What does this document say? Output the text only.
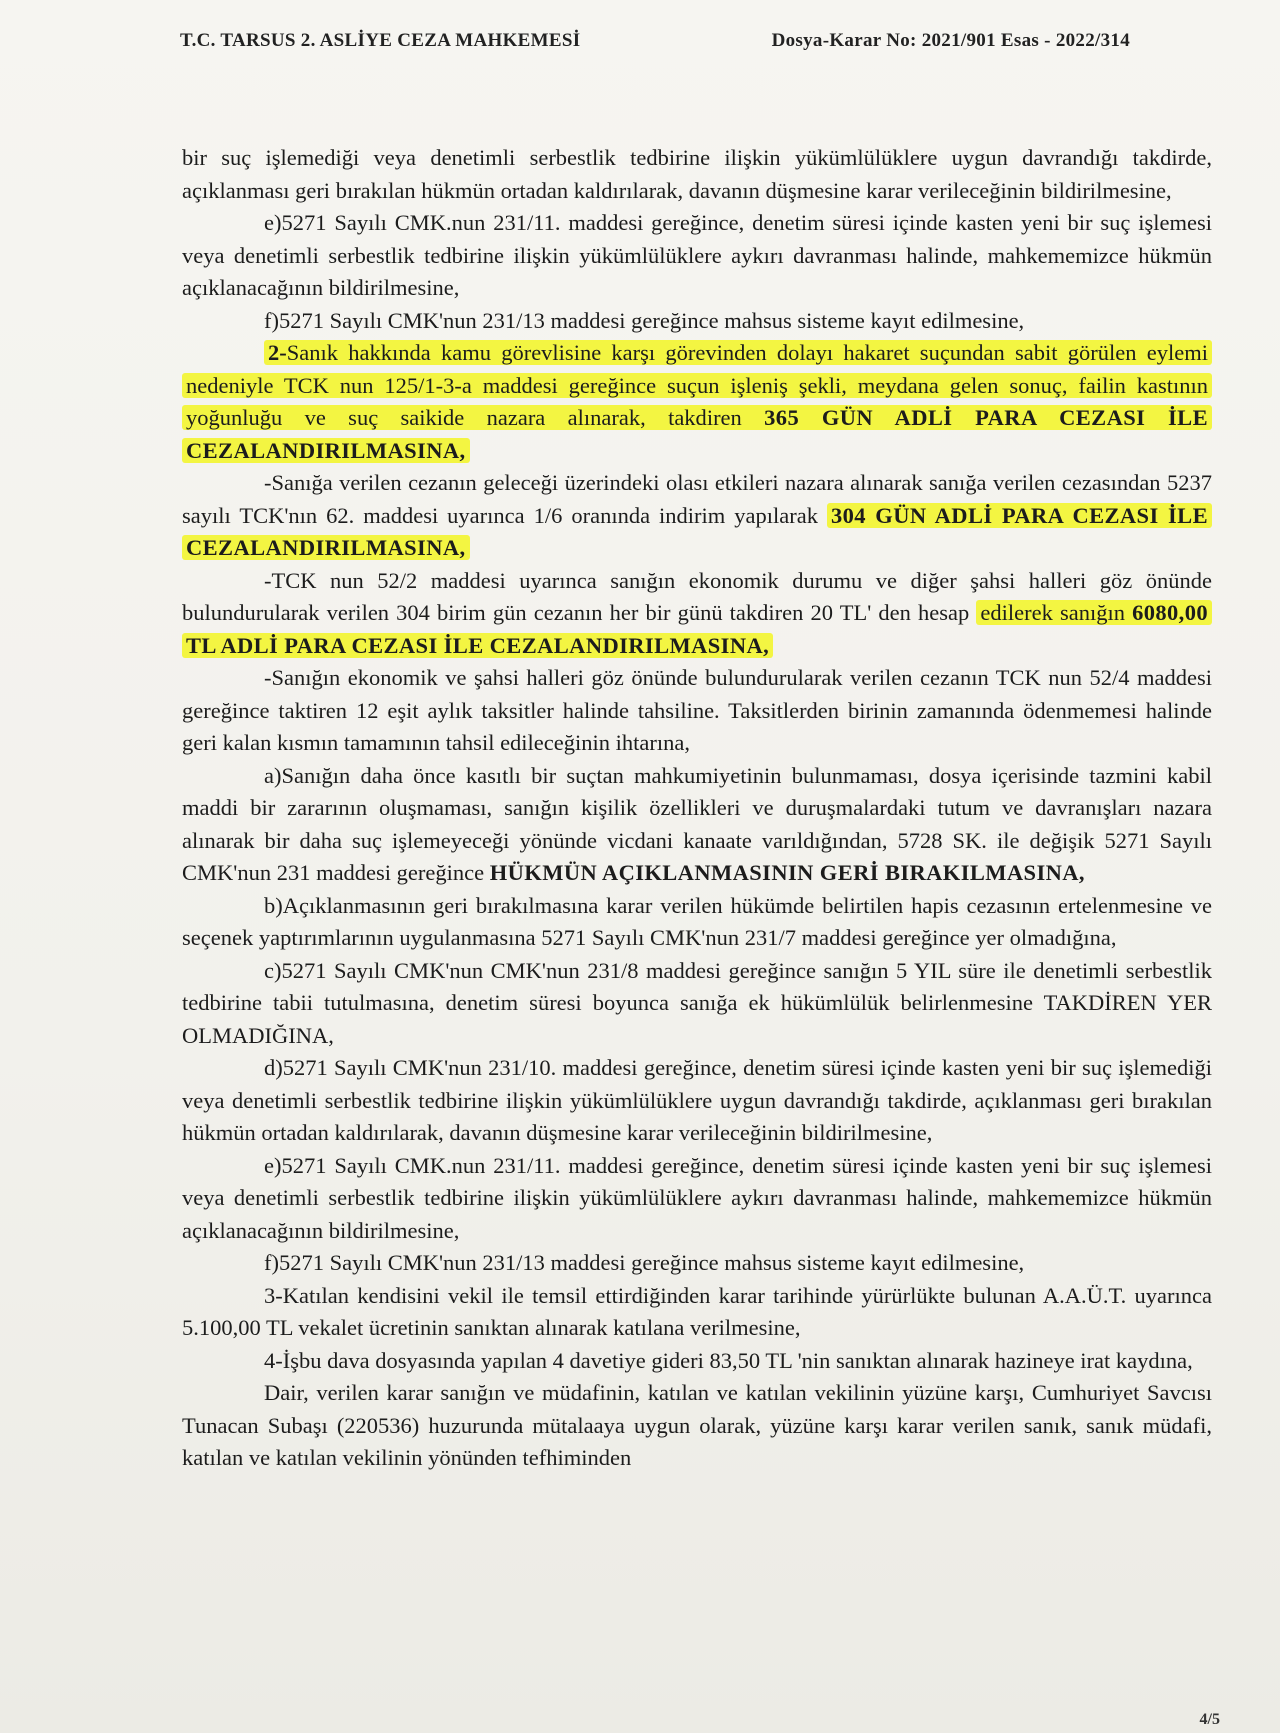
T.C. TARSUS 2. ASLİYE CEZA MAHKEMESİ	Dosya-Karar No: 2021/901 Esas - 2022/314

bir suç işlemediği veya denetimli serbestlik tedbirine ilişkin yükümlülüklere uygun davrandığı takdirde, açıklanması geri bırakılan hükmün ortadan kaldırılarak, davanın düşmesine karar verileceğinin bildirilmesine,

e)5271 Sayılı CMK.nun 231/11. maddesi gereğince, denetim süresi içinde kasten yeni bir suç işlemesi veya denetimli serbestlik tedbirine ilişkin yükümlülüklere aykırı davranması halinde, mahkememizce hükmün açıklanacağının bildirilmesine,

f)5271 Sayılı CMK'nun 231/13 maddesi gereğince mahsus sisteme kayıt edilmesine,

2-Sanık hakkında kamu görevlisine karşı görevinden dolayı hakaret suçundan sabit görülen eylemi nedeniyle TCK nun 125/1-3-a maddesi gereğince suçun işleniş şekli, meydana gelen sonuç, failin kastının yoğunluğu ve suç saikide nazara alınarak, takdiren 365 GÜN ADLİ PARA CEZASI İLE CEZALANDIRILMASINA,

-Sanığa verilen cezanın geleceği üzerindeki olası etkileri nazara alınarak sanığa verilen cezasından 5237 sayılı TCK'nın 62. maddesi uyarınca 1/6 oranında indirim yapılarak 304 GÜN ADLİ PARA CEZASI İLE CEZALANDIRILMASINA,

-TCK nun 52/2 maddesi uyarınca sanığın ekonomik durumu ve diğer şahsi halleri göz önünde bulundurularak verilen 304 birim gün cezanın her bir günü takdiren 20 TL' den hesap edilerek sanığın 6080,00 TL ADLİ PARA CEZASI İLE CEZALANDIRILMASINA,

-Sanığın ekonomik ve şahsi halleri göz önünde bulundurularak verilen cezanın TCK nun 52/4 maddesi gereğince taktiren 12 eşit aylık taksitler halinde tahsiline. Taksitlerden birinin zamanında ödenmemesi halinde geri kalan kısmın tamamının tahsil edileceğinin ihtarına,

a)Sanığın daha önce kasıtlı bir suçtan mahkumiyetinin bulunmaması, dosya içerisinde tazmini kabil maddi bir zararının oluşmaması, sanığın kişilik özellikleri ve duruşmalardaki tutum ve davranışları nazara alınarak bir daha suç işlemeyeceği yönünde vicdani kanaate varıldığından, 5728 SK. ile değişik 5271 Sayılı CMK'nun 231 maddesi gereğince HÜKMÜN AÇIKLANMASININ GERİ BIRAKILMASINA,

b)Açıklanmasının geri bırakılmasına karar verilen hükümde belirtilen hapis cezasının ertelenmesine ve seçenek yaptırımlarının uygulanmasına 5271 Sayılı CMK'nun 231/7 maddesi gereğince yer olmadığına,

c)5271 Sayılı CMK'nun CMK'nun 231/8 maddesi gereğince sanığın 5 YIL süre ile denetimli serbestlik tedbirine tabii tutulmasına, denetim süresi boyunca sanığa ek hükümlülük belirlenmesine TAKDİREN YER OLMADIĞINA,

d)5271 Sayılı CMK'nun 231/10. maddesi gereğince, denetim süresi içinde kasten yeni bir suç işlemediği veya denetimli serbestlik tedbirine ilişkin yükümlülüklere uygun davrandığı takdirde, açıklanması geri bırakılan hükmün ortadan kaldırılarak, davanın düşmesine karar verileceğinin bildirilmesine,

e)5271 Sayılı CMK.nun 231/11. maddesi gereğince, denetim süresi içinde kasten yeni bir suç işlemesi veya denetimli serbestlik tedbirine ilişkin yükümlülüklere aykırı davranması halinde, mahkememizce hükmün açıklanacağının bildirilmesine,

f)5271 Sayılı CMK'nun 231/13 maddesi gereğince mahsus sisteme kayıt edilmesine,

3-Katılan kendisini vekil ile temsil ettirdiğinden karar tarihinde yürürlükte bulunan A.A.Ü.T. uyarınca 5.100,00 TL vekalet ücretinin sanıktan alınarak katılana verilmesine,

4-İşbu dava dosyasında yapılan 4 davetiye gideri 83,50 TL 'nin sanıktan alınarak hazineye irat kaydına,

Dair, verilen karar sanığın ve müdafinin, katılan ve katılan vekilinin yüzüne karşı, Cumhuriyet Savcısı Tunacan Subaşı (220536) huzurunda mütalaaya uygun olarak, yüzüne karşı karar verilen sanık, sanık müdafi, katılan ve katılan vekilinin yönünden tefhiminden

4/5
